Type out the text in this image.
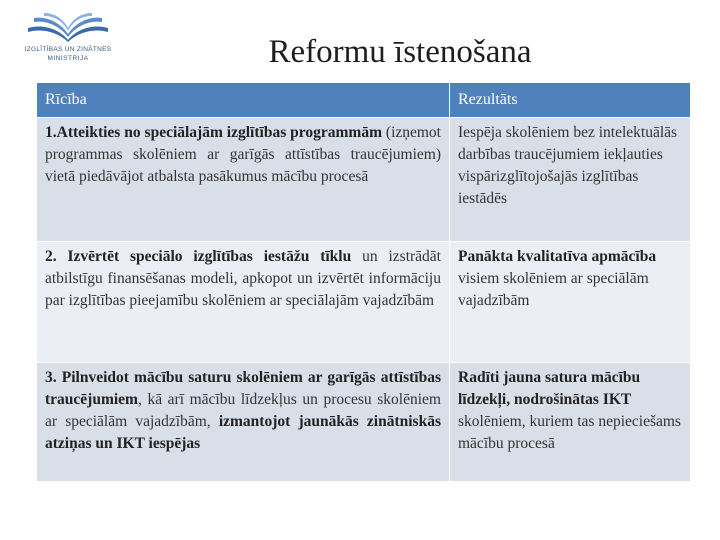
IZGLĪTĪBAS UN ZINĀTNES
MINISTRIJA	Reformu īstenošana
Rīcība	Rezultāts
1.Atteikties no speciālajām izglītības programmām (izņemot programmas skolēniem ar garīgās attīstības traucējumiem) vietā piedāvājot atbalsta pasākumus mācību procesā	Iespēja skolēniem bez intelektuālās darbības traucējumiem iekļauties vispārizglītojošajās izglītības iestādēs
2. Izvērtēt speciālo izglītības iestāžu tīklu un izstrādāt atbilstīgu finansēšanas modeli, apkopot un izvērtēt informāciju par izglītības pieejamību skolēniem ar speciālajām vajadzībām	Panākta kvalitatīva apmācība visiem skolēniem ar speciālām vajadzībām
3. Pilnveidot mācību saturu skolēniem ar garīgās attīstības traucējumiem, kā arī mācību līdzekļus un procesu skolēniem ar speciālām vajadzībām, izmantojot jaunākās zinātniskās atziņas un IKT iespējas	Radīti jauna satura mācību līdzekļi, nodrošinātas IKT skolēniem, kuriem tas nepieciešams mācību procesā
